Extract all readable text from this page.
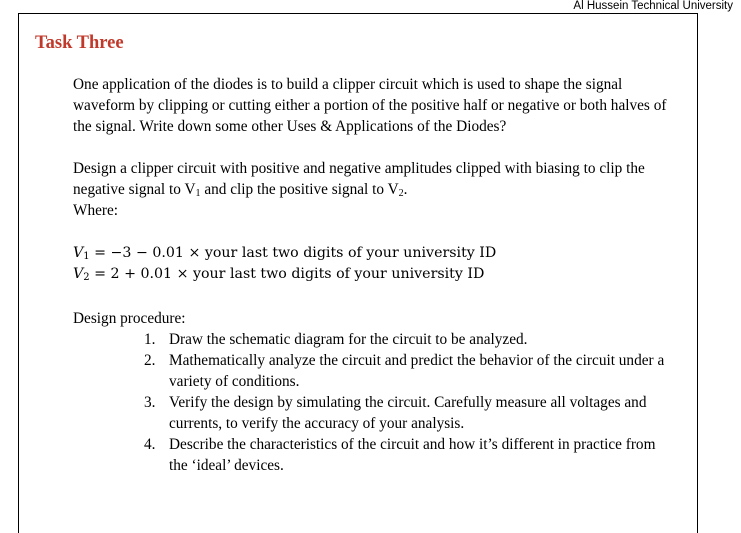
Al Hussein Technical University
Task Three
One application of the diodes is to build a clipper circuit which is used to shape the signal
waveform by clipping or cutting either a portion of the positive half or negative or both halves of
the signal. Write down some other Uses & Applications of the Diodes?
Design a clipper circuit with positive and negative amplitudes clipped with biasing to clip the
negative signal to $V_1$ and clip the positive signal to $V_2$.
Where:
$V_1 = -3 - 0.01$ × your last two digits of your university ID
$V_2 = 2 + 0.01$ × your last two digits of your university ID
Design procedure:
1. Draw the schematic diagram for the circuit to be analyzed.
2. Mathematically analyze the circuit and predict the behavior of the circuit under a
variety of conditions.
3. Verify the design by simulating the circuit. Carefully measure all voltages and
currents, to verify the accuracy of your analysis.
4. Describe the characteristics of the circuit and how it’s different in practice from
the ‘ideal’ devices.
